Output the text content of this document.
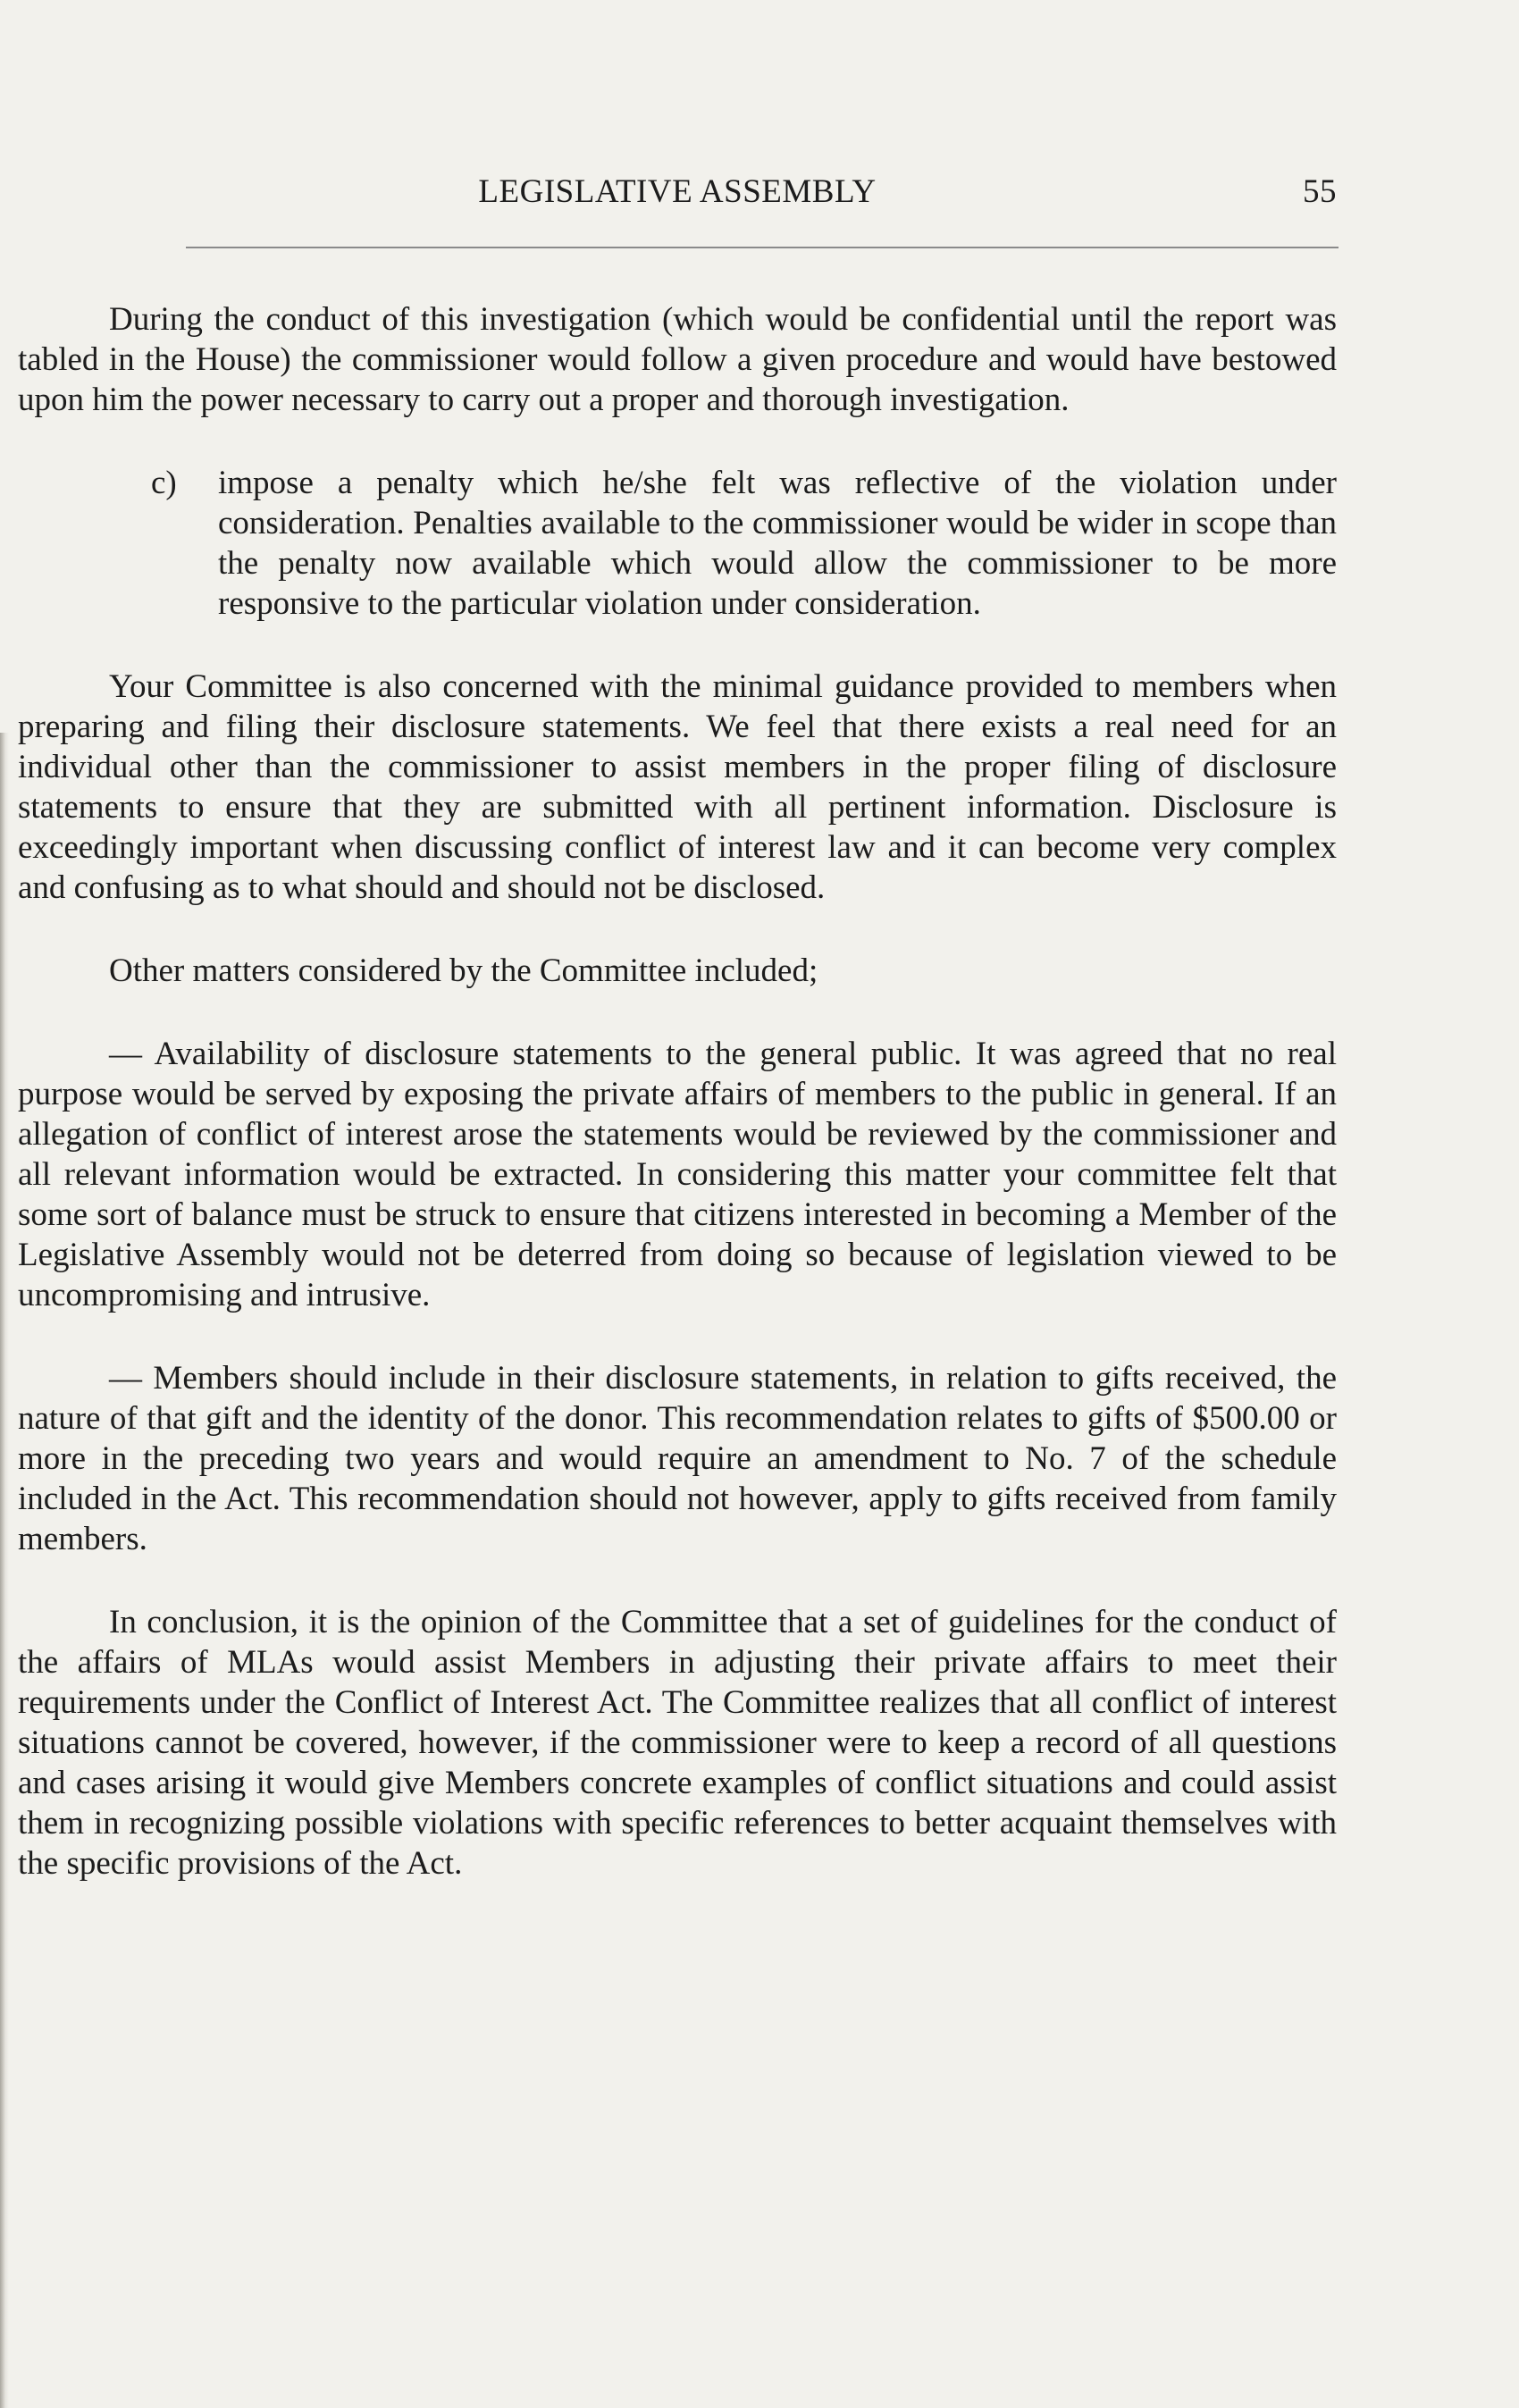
LEGISLATIVE ASSEMBLY	55

During the conduct of this investigation (which would be confidential until the report was tabled in the House) the commissioner would follow a given procedure and would have bestowed upon him the power necessary to carry out a proper and thorough investigation.

c) impose a penalty which he/she felt was reflective of the violation under consideration. Penalties available to the commissioner would be wider in scope than the penalty now available which would allow the commissioner to be more responsive to the particular violation under consideration.

Your Committee is also concerned with the minimal guidance provided to members when preparing and filing their disclosure statements. We feel that there exists a real need for an individual other than the commissioner to assist members in the proper filing of disclosure statements to ensure that they are submitted with all pertinent information. Disclosure is exceedingly important when discussing conflict of interest law and it can become very complex and confusing as to what should and should not be disclosed.

Other matters considered by the Committee included;

— Availability of disclosure statements to the general public. It was agreed that no real purpose would be served by exposing the private affairs of members to the public in general. If an allegation of conflict of interest arose the statements would be reviewed by the commissioner and all relevant information would be extracted. In considering this matter your committee felt that some sort of balance must be struck to ensure that citizens interested in becoming a Member of the Legislative Assembly would not be deterred from doing so because of legislation viewed to be uncompromising and intrusive.

— Members should include in their disclosure statements, in relation to gifts received, the nature of that gift and the identity of the donor. This recommendation relates to gifts of $500.00 or more in the preceding two years and would require an amendment to No. 7 of the schedule included in the Act. This recommendation should not however, apply to gifts received from family members.

In conclusion, it is the opinion of the Committee that a set of guidelines for the conduct of the affairs of MLAs would assist Members in adjusting their private affairs to meet their requirements under the Conflict of Interest Act. The Committee realizes that all conflict of interest situations cannot be covered, however, if the commissioner were to keep a record of all questions and cases arising it would give Members concrete examples of conflict situations and could assist them in recognizing possible violations with specific references to better acquaint themselves with the specific provisions of the Act.
